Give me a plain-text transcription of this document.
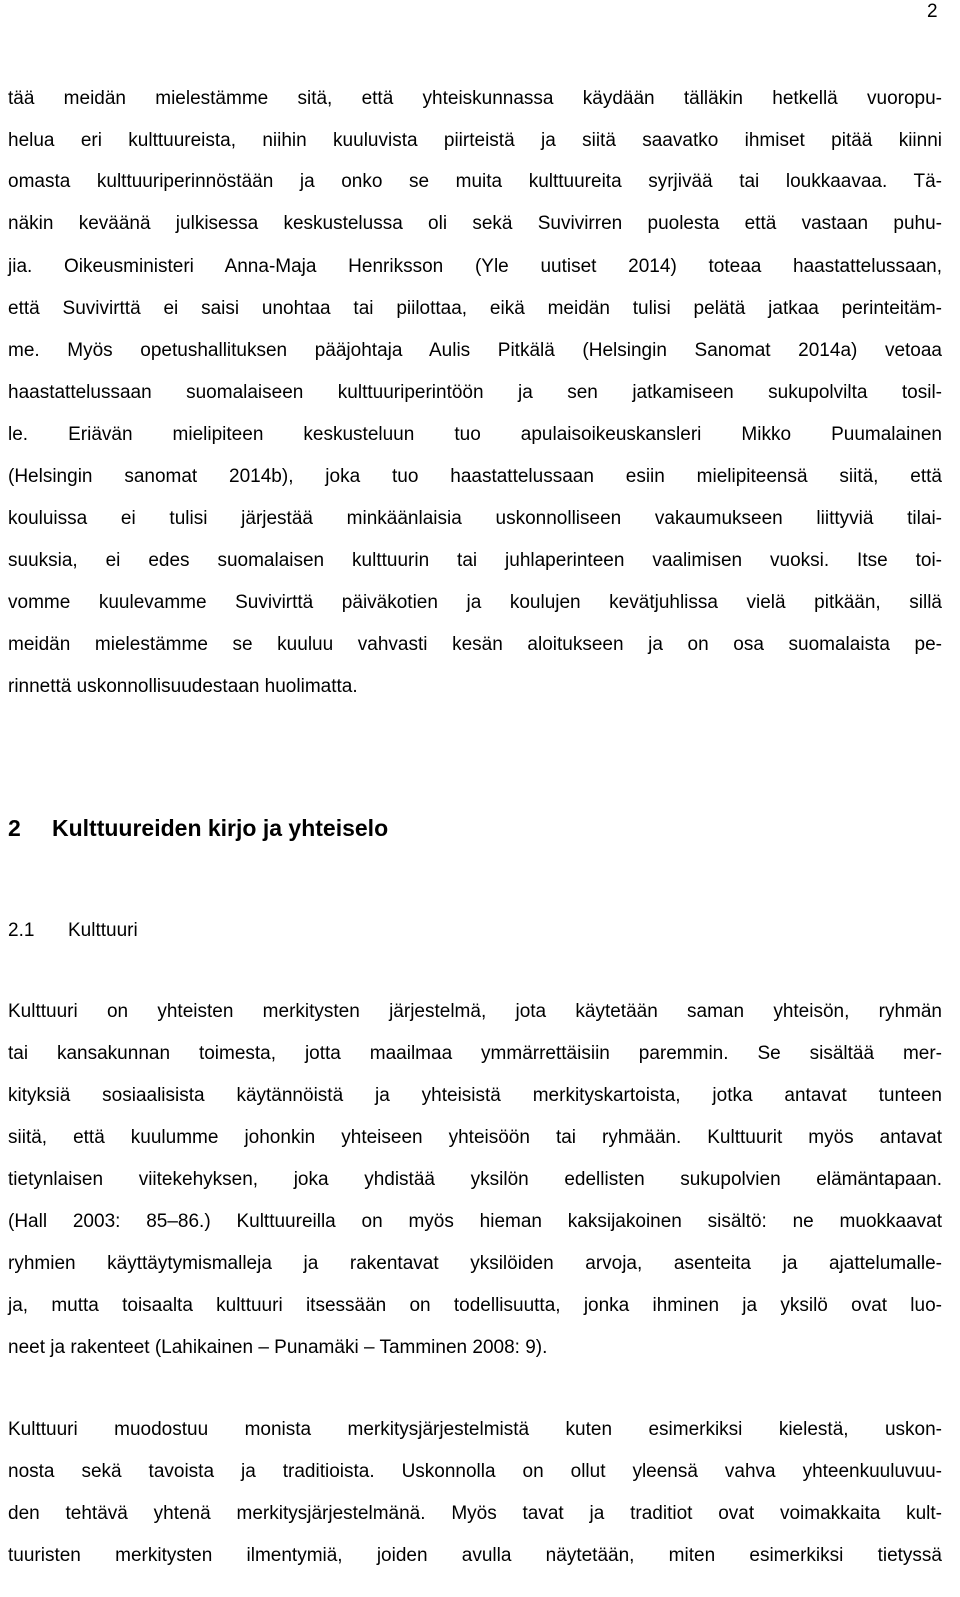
2
tää meidän mielestämme sitä, että yhteiskunnassa käydään tälläkin hetkellä vuoropu-
helua eri kulttuureista, niihin kuuluvista piirteistä ja siitä saavatko ihmiset pitää kiinni
omasta kulttuuriperinnöstään ja onko se muita kulttuureita syrjivää tai loukkaavaa. Tä-
näkin keväänä julkisessa keskustelussa oli sekä Suvivirren puolesta että vastaan puhu-
jia. Oikeusministeri Anna-Maja Henriksson (Yle uutiset 2014) toteaa haastattelussaan,
että Suvivirttä ei saisi unohtaa tai piilottaa, eikä meidän tulisi pelätä jatkaa perinteitäm-
me. Myös opetushallituksen pääjohtaja Aulis Pitkälä (Helsingin Sanomat 2014a) vetoaa
haastattelussaan suomalaiseen kulttuuriperintöön ja sen jatkamiseen sukupolvilta tosil-
le. Eriävän mielipiteen keskusteluun tuo apulaisoikeuskansleri Mikko Puumalainen
(Helsingin sanomat 2014b), joka tuo haastattelussaan esiin mielipiteensä siitä, että
kouluissa ei tulisi järjestää minkäänlaisia uskonnolliseen vakaumukseen liittyviä tilai-
suuksia, ei edes suomalaisen kulttuurin tai juhlaperinteen vaalimisen vuoksi. Itse toi-
vomme kuulevamme Suvivirttä päiväkotien ja koulujen kevätjuhlissa vielä pitkään, sillä
meidän mielestämme se kuuluu vahvasti kesän aloitukseen ja on osa suomalaista pe-
rinnettä uskonnollisuudestaan huolimatta.
2 Kulttuureiden kirjo ja yhteiselo
2.1 Kulttuuri
Kulttuuri on yhteisten merkitysten järjestelmä, jota käytetään saman yhteisön, ryhmän
tai kansakunnan toimesta, jotta maailmaa ymmärrettäisiin paremmin. Se sisältää mer-
kityksiä sosiaalisista käytännöistä ja yhteisistä merkityskartoista, jotka antavat tunteen
siitä, että kuulumme johonkin yhteiseen yhteisöön tai ryhmään. Kulttuurit myös antavat
tietynlaisen viitekehyksen, joka yhdistää yksilön edellisten sukupolvien elämäntapaan.
(Hall 2003: 85–86.) Kulttuureilla on myös hieman kaksijakoinen sisältö: ne muokkaavat
ryhmien käyttäytymismalleja ja rakentavat yksilöiden arvoja, asenteita ja ajattelumalle-
ja, mutta toisaalta kulttuuri itsessään on todellisuutta, jonka ihminen ja yksilö ovat luo-
neet ja rakenteet (Lahikainen – Punamäki – Tamminen 2008: 9).
Kulttuuri muodostuu monista merkitysjärjestelmistä kuten esimerkiksi kielestä, uskon-
nosta sekä tavoista ja traditioista. Uskonnolla on ollut yleensä vahva yhteenkuuluvuu-
den tehtävä yhtenä merkitysjärjestelmänä. Myös tavat ja traditiot ovat voimakkaita kult-
tuuristen merkitysten ilmentymiä, joiden avulla näytetään, miten esimerkiksi tietyssä
